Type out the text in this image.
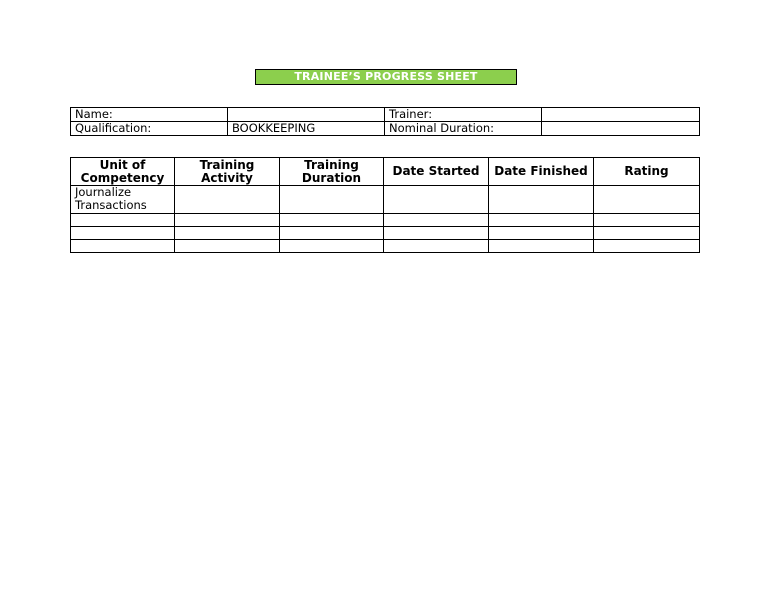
TRAINEE’S PROGRESS SHEET
Name:		Trainer:	
Qualification:	BOOKKEEPING	Nominal Duration:	
Unit of Competency	Training Activity	Training Duration	Date Started	Date Finished	Rating
Journalize Transactions					
